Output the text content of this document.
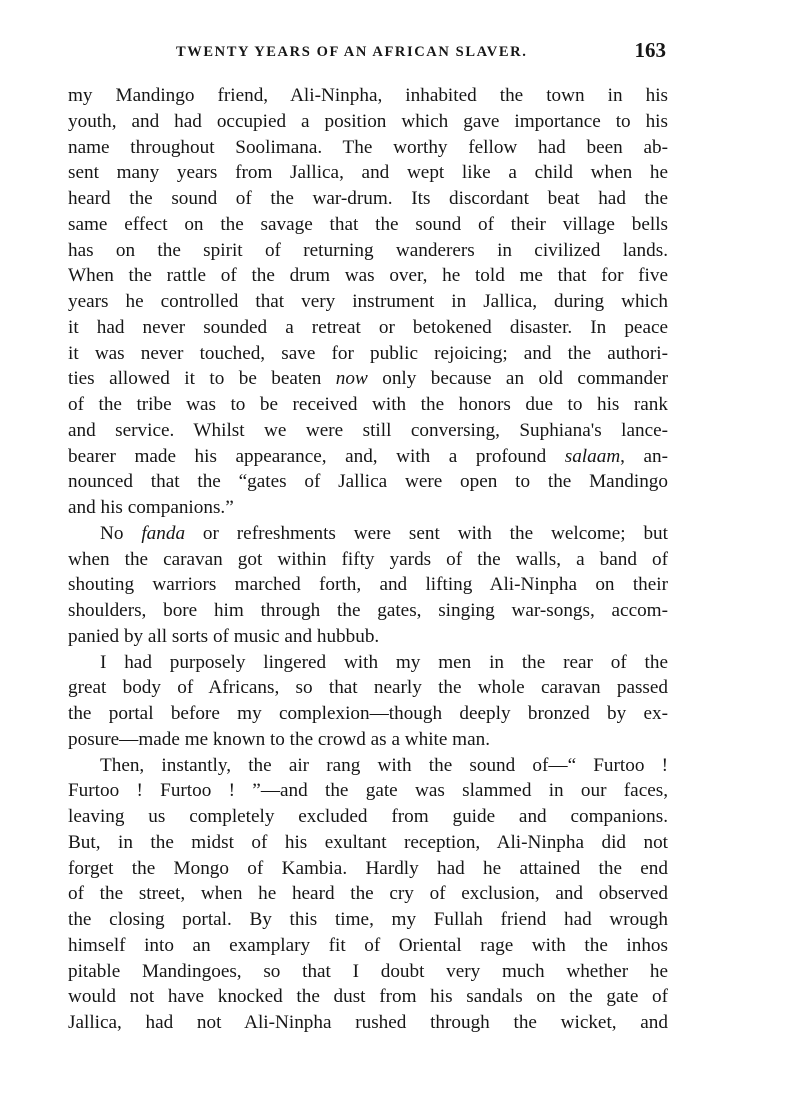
TWENTY YEARS OF AN AFRICAN SLAVER.	163
my Mandingo friend, Ali-Ninpha, inhabited the town in his
youth, and had occupied a position which gave importance to his
name throughout Soolimana. The worthy fellow had been ab-
sent many years from Jallica, and wept like a child when he
heard the sound of the war-drum. Its discordant beat had the
same effect on the savage that the sound of their village bells
has on the spirit of returning wanderers in civilized lands.
When the rattle of the drum was over, he told me that for five
years he controlled that very instrument in Jallica, during which
it had never sounded a retreat or betokened disaster. In peace
it was never touched, save for public rejoicing; and the authori-
ties allowed it to be beaten now only because an old commander
of the tribe was to be received with the honors due to his rank
and service. Whilst we were still conversing, Suphiana's lance-
bearer made his appearance, and, with a profound salaam, an-
nounced that the “gates of Jallica were open to the Mandingo
and his companions.”
No fanda or refreshments were sent with the welcome; but
when the caravan got within fifty yards of the walls, a band of
shouting warriors marched forth, and lifting Ali-Ninpha on their
shoulders, bore him through the gates, singing war-songs, accom-
panied by all sorts of music and hubbub.
I had purposely lingered with my men in the rear of the
great body of Africans, so that nearly the whole caravan passed
the portal before my complexion—though deeply bronzed by ex-
posure—made me known to the crowd as a white man.
Then, instantly, the air rang with the sound of—“ Furtoo !
Furtoo ! Furtoo ! ”—and the gate was slammed in our faces,
leaving us completely excluded from guide and companions.
But, in the midst of his exultant reception, Ali-Ninpha did not
forget the Mongo of Kambia. Hardly had he attained the end
of the street, when he heard the cry of exclusion, and observed
the closing portal. By this time, my Fullah friend had wrough
himself into an examplary fit of Oriental rage with the inhos
pitable Mandingoes, so that I doubt very much whether he
would not have knocked the dust from his sandals on the gate of
Jallica, had not Ali-Ninpha rushed through the wicket, and
